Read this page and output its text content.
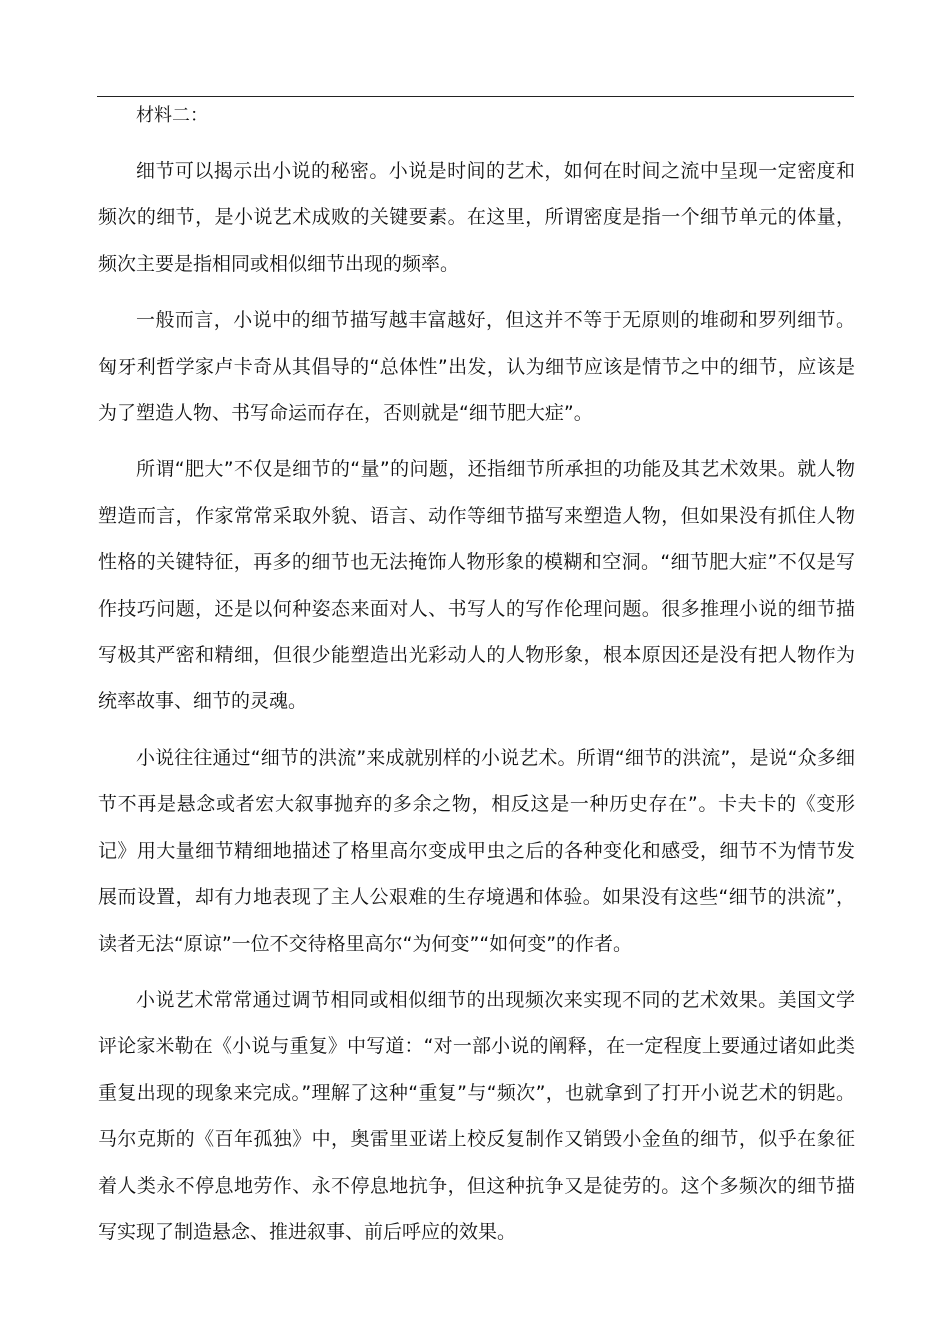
材料二：

细节可以揭示出小说的秘密。小说是时间的艺术，如何在时间之流中呈现一定密度和频次的细节，是小说艺术成败的关键要素。在这里，所谓密度是指一个细节单元的体量，频次主要是指相同或相似细节出现的频率。

一般而言，小说中的细节描写越丰富越好，但这并不等于无原则的堆砌和罗列细节。匈牙利哲学家卢卡奇从其倡导的“总体性”出发，认为细节应该是情节之中的细节，应该是为了塑造人物、书写命运而存在，否则就是“细节肥大症”。

所谓“肥大”不仅是细节的“量”的问题，还指细节所承担的功能及其艺术效果。就人物塑造而言，作家常常采取外貌、语言、动作等细节描写来塑造人物，但如果没有抓住人物性格的关键特征，再多的细节也无法掩饰人物形象的模糊和空洞。“细节肥大症”不仅是写作技巧问题，还是以何种姿态来面对人、书写人的写作伦理问题。很多推理小说的细节描写极其严密和精细，但很少能塑造出光彩动人的人物形象，根本原因还是没有把人物作为统率故事、细节的灵魂。

小说往往通过“细节的洪流”来成就别样的小说艺术。所谓“细节的洪流”，是说“众多细节不再是悬念或者宏大叙事抛弃的多余之物，相反这是一种历史存在”。卡夫卡的《变形记》用大量细节精细地描述了格里高尔变成甲虫之后的各种变化和感受，细节不为情节发展而设置，却有力地表现了主人公艰难的生存境遇和体验。如果没有这些“细节的洪流”，读者无法“原谅”一位不交待格里高尔“为何变”“如何变”的作者。

小说艺术常常通过调节相同或相似细节的出现频次来实现不同的艺术效果。美国文学评论家米勒在《小说与重复》中写道：“对一部小说的阐释，在一定程度上要通过诸如此类重复出现的现象来完成。”理解了这种“重复”与“频次”，也就拿到了打开小说艺术的钥匙。马尔克斯的《百年孤独》中，奥雷里亚诺上校反复制作又销毁小金鱼的细节，似乎在象征着人类永不停息地劳作、永不停息地抗争，但这种抗争又是徒劳的。这个多频次的细节描写实现了制造悬念、推进叙事、前后呼应的效果。
